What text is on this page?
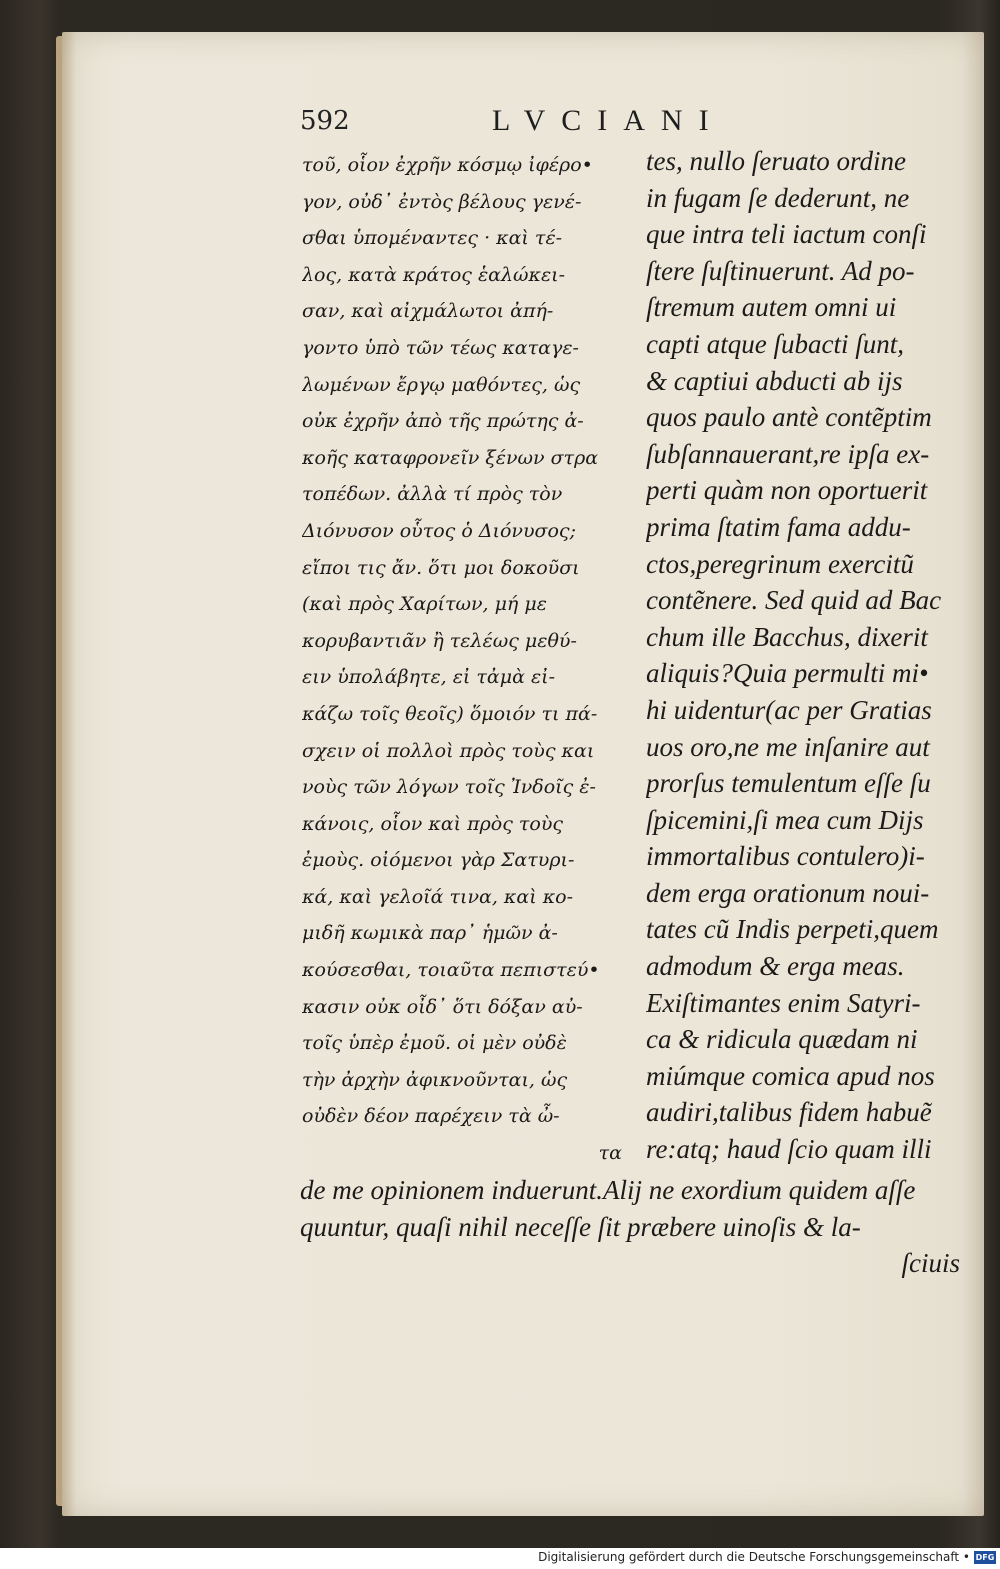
592	LVCIANI
τοῦ, οἷον ἐχρῆν κόσμῳ ἰφέρο•
γον, οὐδ᾽ ἐντὸς βέλους γενέ-
σθαι ὑπομέναντες · καὶ τέ-
λος, κατὰ κράτος ἑαλώκει-
σαν, καὶ αἰχμάλωτοι ἀπή-
γοντο ὑπὸ τῶν τέως καταγε-
λωμένων ἔργῳ μαθόντες, ὡς
οὐκ ἐχρῆν ἀπὸ τῆς πρώτης ἀ-
κοῆς καταφρονεῖν ξένων στρα
τοπέδων. ἀλλὰ τί πρὸς τὸν
Διόνυσον οὗτος ὁ Διόνυσος;
εἴποι τις ἄν. ὅτι μοι δοκοῦσι
(καὶ πρὸς Χαρίτων, μή με
κορυβαντιᾶν ἢ τελέως μεθύ-
ειν ὑπολάβητε, εἰ τἀμὰ εἰ-
κάζω τοῖς θεοῖς) ὅμοιόν τι πά-
σχειν οἱ πολλοὶ πρὸς τοὺς και
νοὺς τῶν λόγων τοῖς Ἰνδοῖς ἐ-
κάνοις, οἷον καὶ πρὸς τοὺς
ἐμοὺς. οἰόμενοι γὰρ Σατυρι-
κά, καὶ γελοῖά τινα, καὶ κο-
μιδῆ κωμικὰ παρ᾽ ἡμῶν ἀ-
κούσεσθαι, τοιαῦτα πεπιστεύ•
κασιν οὐκ οἶδ᾽ ὅτι δόξαν αὐ-
τοῖς ὑπὲρ ἐμοῦ. οἱ μὲν οὐδὲ
τὴν ἀρχὴν ἀφικνοῦνται, ὡς
οὐδὲν δέον παρέχειν τὰ ὦ-
τα
tes, nullo ſeruato ordine
in fugam ſe dederunt, ne
que intra teli iactum conſi
ſtere ſuſtinuerunt. Ad po-
ſtremum autem omni ui
capti atque ſubacti ſunt,
& captiui abducti ab ijs
quos paulo antè contẽptim
ſubſannauerant,re ipſa ex-
perti quàm non oportuerit
prima ſtatim fama addu-
ctos,peregrinum exercitũ
contẽnere. Sed quid ad Bac
chum ille Bacchus, dixerit
aliquis?Quia permulti mi•
hi uidentur(ac per Gratias
uos oro,ne me inſanire aut
prorſus temulentum eſſe ſu
ſpicemini,ſi mea cum Dijs
immortalibus contulero)i-
dem erga orationum noui-
tates cũ Indis perpeti,quem
admodum & erga meas.
Exiſtimantes enim Satyri-
ca & ridicula quædam ni
miúmque comica apud nos
audiri,talibus fidem habuẽ
re:atq; haud ſcio quam illi
de me opinionem induerunt.Alij ne exordium quidem aſſe
quuntur, quaſi nihil neceſſe ſit præbere uinoſis & la-
ſciuis
Digitalisierung gefördert durch die Deutsche Forschungsgemeinschaft • DFG
